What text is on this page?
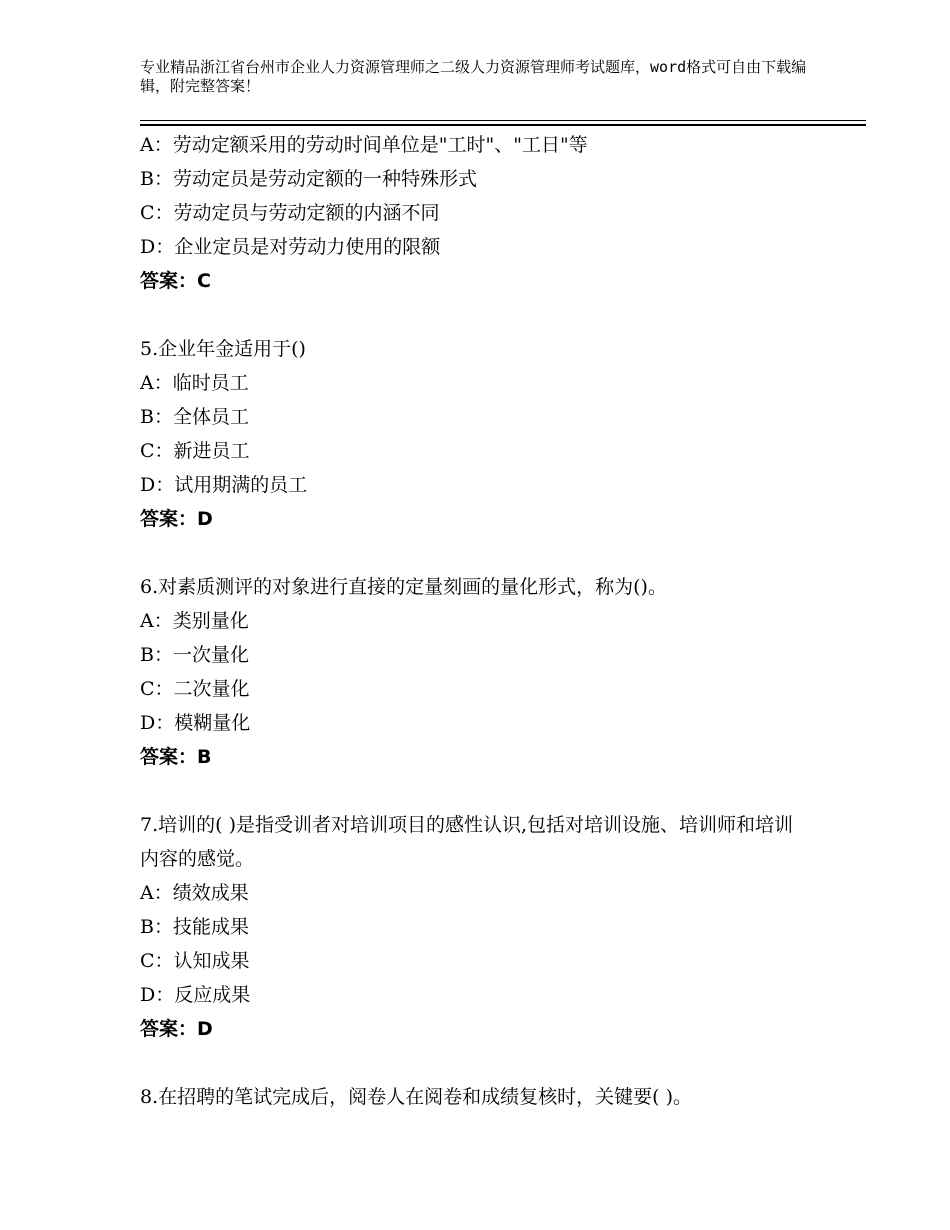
专业精品浙江省台州市企业人力资源管理师之二级人力资源管理师考试题库，word格式可自由下载编辑，附完整答案！
A：劳动定额采用的劳动时间单位是"工时"、"工日"等
B：劳动定员是劳动定额的一种特殊形式
C：劳动定员与劳动定额的内涵不同
D：企业定员是对劳动力使用的限额
答案：C
5.企业年金适用于()
A：临时员工
B：全体员工
C：新进员工
D：试用期满的员工
答案：D
6.对素质测评的对象进行直接的定量刻画的量化形式，称为()。
A：类别量化
B：一次量化
C：二次量化
D：模糊量化
答案：B
7.培训的( )是指受训者对培训项目的感性认识,包括对培训设施、培训师和培训内容的感觉。
A：绩效成果
B：技能成果
C：认知成果
D：反应成果
答案：D
8.在招聘的笔试完成后，阅卷人在阅卷和成绩复核时，关键要( )。
